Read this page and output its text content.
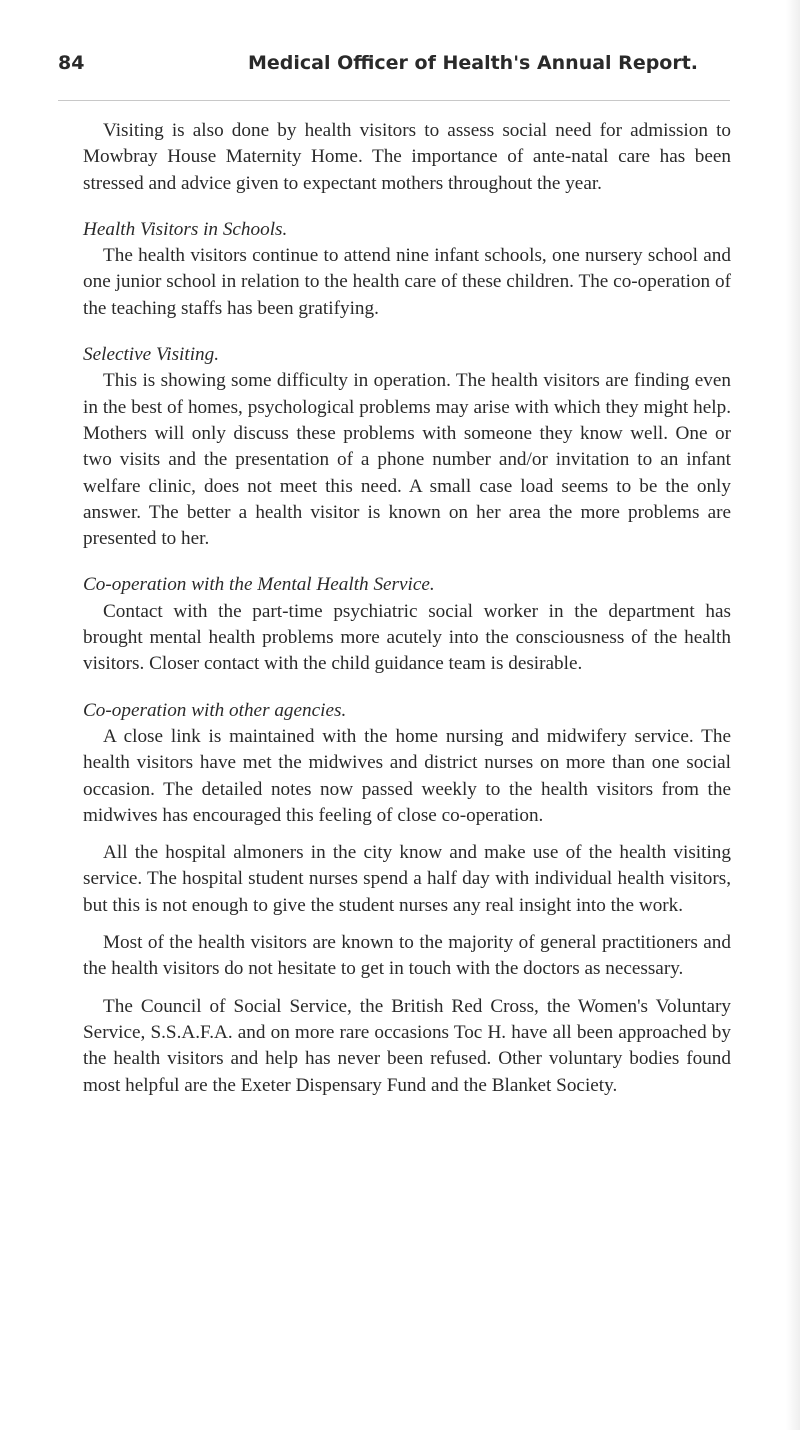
84	Medical Officer of Health's Annual Report.

Visiting is also done by health visitors to assess social need for admission to Mowbray House Maternity Home. The importance of ante-natal care has been stressed and advice given to expectant mothers throughout the year.

Health Visitors in Schools.

The health visitors continue to attend nine infant schools, one nursery school and one junior school in relation to the health care of these children. The co-operation of the teaching staffs has been gratifying.

Selective Visiting.

This is showing some difficulty in operation. The health visitors are finding even in the best of homes, psychological problems may arise with which they might help. Mothers will only discuss these problems with someone they know well. One or two visits and the presentation of a phone number and/or invitation to an infant welfare clinic, does not meet this need. A small case load seems to be the only answer. The better a health visitor is known on her area the more problems are presented to her.

Co-operation with the Mental Health Service.

Contact with the part-time psychiatric social worker in the department has brought mental health problems more acutely into the consciousness of the health visitors. Closer contact with the child guidance team is desirable.

Co-operation with other agencies.

A close link is maintained with the home nursing and midwifery service. The health visitors have met the midwives and district nurses on more than one social occasion. The detailed notes now passed weekly to the health visitors from the midwives has encouraged this feeling of close co-operation.

All the hospital almoners in the city know and make use of the health visiting service. The hospital student nurses spend a half day with individual health visitors, but this is not enough to give the student nurses any real insight into the work.

Most of the health visitors are known to the majority of general practitioners and the health visitors do not hesitate to get in touch with the doctors as necessary.

The Council of Social Service, the British Red Cross, the Women's Voluntary Service, S.S.A.F.A. and on more rare occasions Toc H. have all been approached by the health visitors and help has never been refused. Other voluntary bodies found most helpful are the Exeter Dispensary Fund and the Blanket Society.
